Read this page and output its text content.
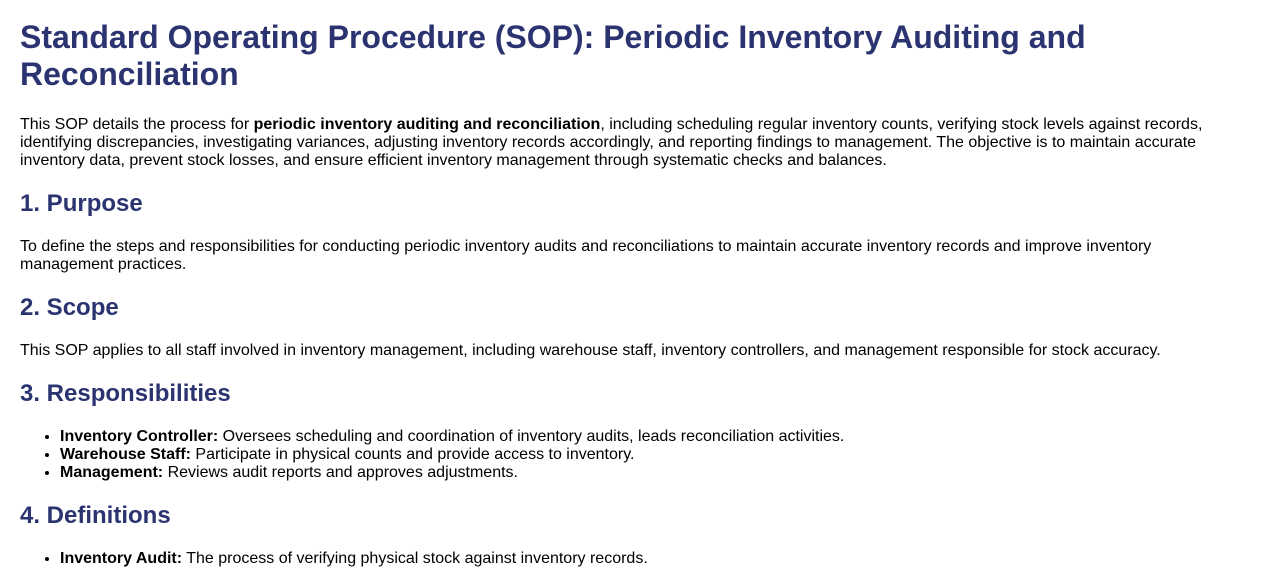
Standard Operating Procedure (SOP): Periodic Inventory Auditing and Reconciliation

This SOP details the process for periodic inventory auditing and reconciliation, including scheduling regular inventory counts, verifying stock levels against records, identifying discrepancies, investigating variances, adjusting inventory records accordingly, and reporting findings to management. The objective is to maintain accurate inventory data, prevent stock losses, and ensure efficient inventory management through systematic checks and balances.

1. Purpose

To define the steps and responsibilities for conducting periodic inventory audits and reconciliations to maintain accurate inventory records and improve inventory management practices.

2. Scope

This SOP applies to all staff involved in inventory management, including warehouse staff, inventory controllers, and management responsible for stock accuracy.

3. Responsibilities
• Inventory Controller: Oversees scheduling and coordination of inventory audits, leads reconciliation activities.
• Warehouse Staff: Participate in physical counts and provide access to inventory.
• Management: Reviews audit reports and approves adjustments.
4. Definitions
• Inventory Audit: The process of verifying physical stock against inventory records.
